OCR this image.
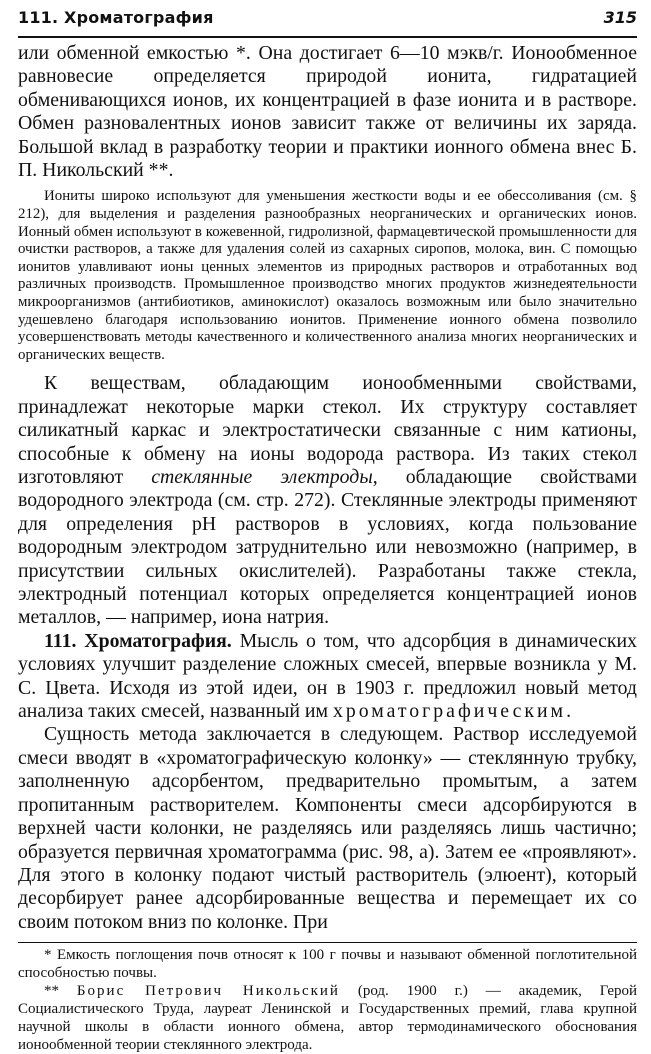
111. Хроматография	315

или обменной емкостью *. Она достигает 6—10 мэкв/г. Ионообменное равновесие определяется природой ионита, гидратацией обменивающихся ионов, их концентрацией в фазе ионита и в растворе. Обмен разновалентных ионов зависит также от величины их заряда. Большой вклад в разработку теории и практики ионного обмена внес Б. П. Никольский **.

Иониты широко используют для уменьшения жесткости воды и ее обессоливания (см. § 212), для выделения и разделения разнообразных неорганических и органических ионов. Ионный обмен используют в кожевенной, гидролизной, фармацевтической промышленности для очистки растворов, а также для удаления солей из сахарных сиропов, молока, вин. С помощью ионитов улавливают ионы ценных элементов из природных растворов и отработанных вод различных производств. Промышленное производство многих продуктов жизнедеятельности микроорганизмов (антибиотиков, аминокислот) оказалось возможным или было значительно удешевлено благодаря использованию ионитов. Применение ионного обмена позволило усовершенствовать методы качественного и количественного анализа многих неорганических и органических веществ.

К веществам, обладающим ионообменными свойствами, принадлежат некоторые марки стекол. Их структуру составляет силикатный каркас и электростатически связанные с ним катионы, способные к обмену на ионы водорода раствора. Из таких стекол изготовляют стеклянные электроды, обладающие свойствами водородного электрода (см. стр. 272). Стеклянные электроды применяют для определения pH растворов в условиях, когда пользование водородным электродом затруднительно или невозможно (например, в присутствии сильных окислителей). Разработаны также стекла, электродный потенциал которых определяется концентрацией ионов металлов, — например, иона натрия.

111. Хроматография. Мысль о том, что адсорбция в динамических условиях улучшит разделение сложных смесей, впервые возникла у М. С. Цвета. Исходя из этой идеи, он в 1903 г. предложил новый метод анализа таких смесей, названный им хроматографическим.

Сущность метода заключается в следующем. Раствор исследуемой смеси вводят в «хроматографическую колонку» — стеклянную трубку, заполненную адсорбентом, предварительно промытым, а затем пропитанным растворителем. Компоненты смеси адсорбируются в верхней части колонки, не разделяясь или разделяясь лишь частично; образуется первичная хроматограмма (рис. 98, а). Затем ее «проявляют». Для этого в колонку подают чистый растворитель (элюент), который десорбирует ранее адсорбированные вещества и перемещает их со своим потоком вниз по колонке. При

* Емкость поглощения почв относят к 100 г почвы и называют обменной поглотительной способностью почвы.

** Борис Петрович Никольский (род. 1900 г.) — академик, Герой Социалистического Труда, лауреат Ленинской и Государственных премий, глава крупной научной школы в области ионного обмена, автор термодинамического обоснования ионообменной теории стеклянного электрода.
